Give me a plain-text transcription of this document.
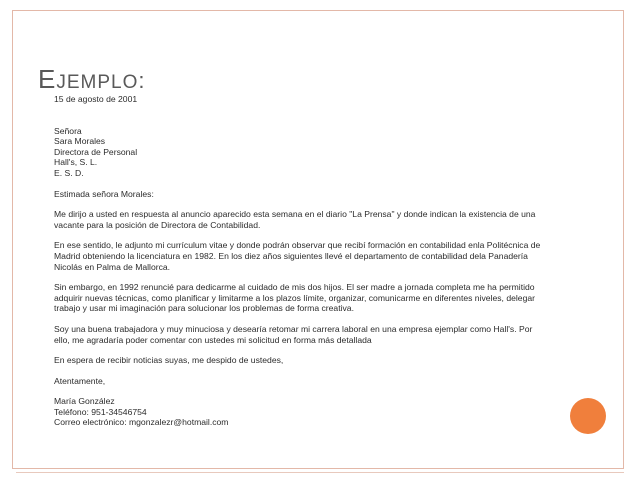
EJEMPLO:
15 de agosto de 2001
Señora
Sara Morales
Directora de Personal
Hall's, S. L.
E. S. D.
Estimada señora Morales:
Me dirijo a usted en respuesta al anuncio aparecido esta semana en el diario "La Prensa" y donde indican la existencia de una
vacante para la posición de Directora de Contabilidad.
En ese sentido, le adjunto mi currículum vitae y donde podrán observar que recibí formación en contabilidad enla Politécnica de
Madrid obteniendo la licenciatura en 1982. En los diez años siguientes llevé el departamento de contabilidad dela Panadería
Nicolás en Palma de Mallorca.
Sin embargo, en 1992 renuncié para dedicarme al cuidado de mis dos hijos. El ser madre a jornada completa me ha permitido
adquirir nuevas técnicas, como planificar y limitarme a los plazos límite, organizar, comunicarme en diferentes niveles, delegar
trabajo y usar mi imaginación para solucionar los problemas de forma creativa.
Soy una buena trabajadora y muy minuciosa y desearía retomar mi carrera laboral en una empresa ejemplar como Hall's. Por
ello, me agradaría poder comentar con ustedes mi solicitud en forma más detallada
En espera de recibir noticias suyas, me despido de ustedes,
Atentamente,
María González
Teléfono: 951-34546754
Correo electrónico: mgonzalezr@hotmail.com
